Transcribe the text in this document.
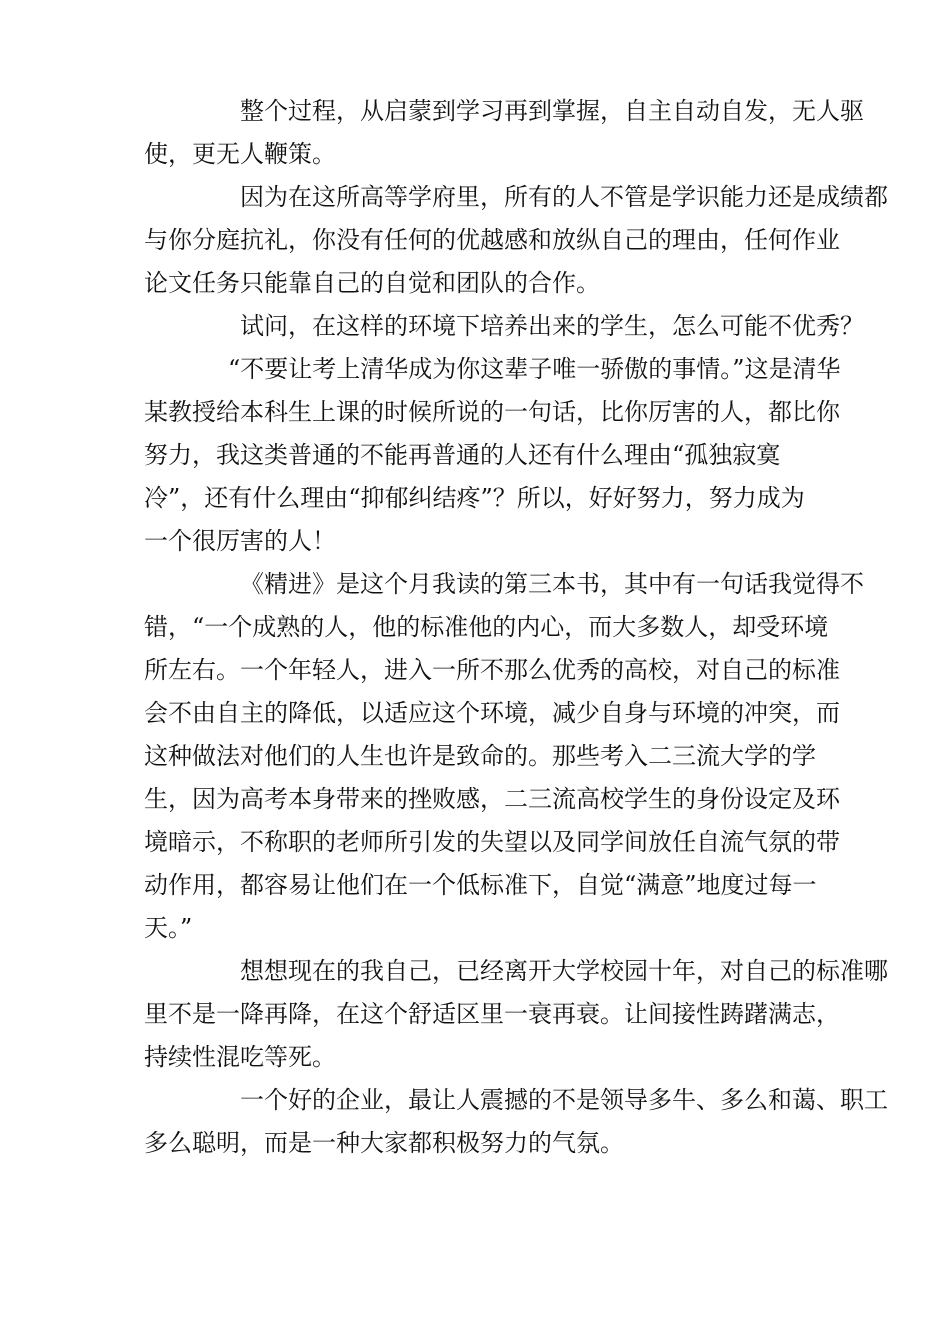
整个过程，从启蒙到学习再到掌握，自主自动自发，无人驱
使，更无人鞭策。
因为在这所高等学府里，所有的人不管是学识能力还是成绩都
与你分庭抗礼，你没有任何的优越感和放纵自己的理由，任何作业
论文任务只能靠自己的自觉和团队的合作。
试问，在这样的环境下培养出来的学生，怎么可能不优秀？
“不要让考上清华成为你这辈子唯一骄傲的事情。”这是清华
某教授给本科生上课的时候所说的一句话，比你厉害的人，都比你
努力，我这类普通的不能再普通的人还有什么理由“孤独寂寞
冷”，还有什么理由“抑郁纠结疼”？所以，好好努力，努力成为
一个很厉害的人！
《精进》是这个月我读的第三本书，其中有一句话我觉得不
错，“一个成熟的人，他的标准他的内心，而大多数人，却受环境
所左右。一个年轻人，进入一所不那么优秀的高校，对自己的标准
会不由自主的降低，以适应这个环境，减少自身与环境的冲突，而
这种做法对他们的人生也许是致命的。那些考入二三流大学的学
生，因为高考本身带来的挫败感，二三流高校学生的身份设定及环
境暗示，不称职的老师所引发的失望以及同学间放任自流气氛的带
动作用，都容易让他们在一个低标准下，自觉“满意”地度过每一
天。”
想想现在的我自己，已经离开大学校园十年，对自己的标准哪
里不是一降再降，在这个舒适区里一衰再衰。让间接性踌躇满志，
持续性混吃等死。
一个好的企业，最让人震撼的不是领导多牛、多么和蔼、职工
多么聪明，而是一种大家都积极努力的气氛。
